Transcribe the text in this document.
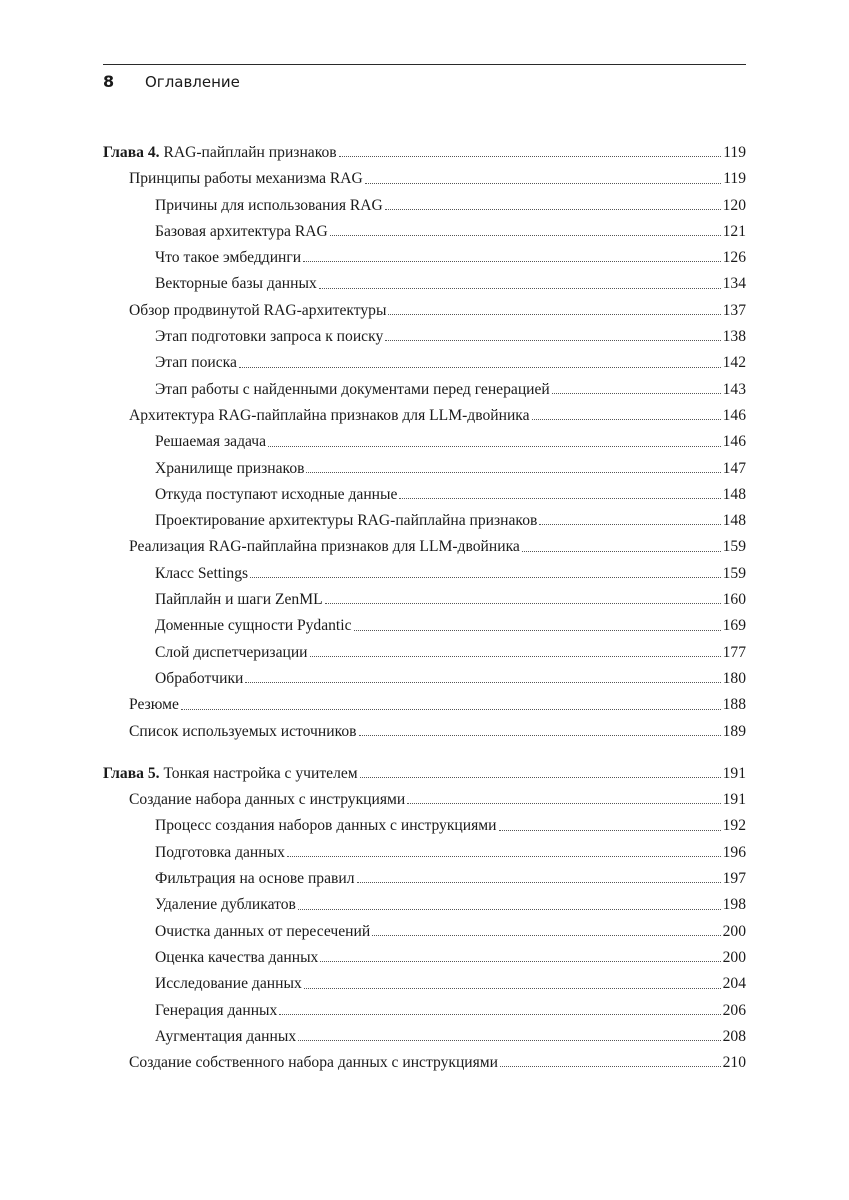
8	Оглавление
Глава 4. RAG-пайплайн признаков	119
Принципы работы механизма RAG	119
Причины для использования RAG	120
Базовая архитектура RAG	121
Что такое эмбеддинги	126
Векторные базы данных	134
Обзор продвинутой RAG-архитектуры	137
Этап подготовки запроса к поиску	138
Этап поиска	142
Этап работы с найденными документами перед генерацией	143
Архитектура RAG-пайплайна признаков для LLM-двойника	146
Решаемая задача	146
Хранилище признаков	147
Откуда поступают исходные данные	148
Проектирование архитектуры RAG-пайплайна признаков	148
Реализация RAG-пайплайна признаков для LLM-двойника	159
Класс Settings	159
Пайплайн и шаги ZenML	160
Доменные сущности Pydantic	169
Слой диспетчеризации	177
Обработчики	180
Резюме	188
Список используемых источников	189
Глава 5. Тонкая настройка с учителем	191
Создание набора данных с инструкциями	191
Процесс создания наборов данных с инструкциями	192
Подготовка данных	196
Фильтрация на основе правил	197
Удаление дубликатов	198
Очистка данных от пересечений	200
Оценка качества данных	200
Исследование данных	204
Генерация данных	206
Аугментация данных	208
Создание собственного набора данных с инструкциями	210
